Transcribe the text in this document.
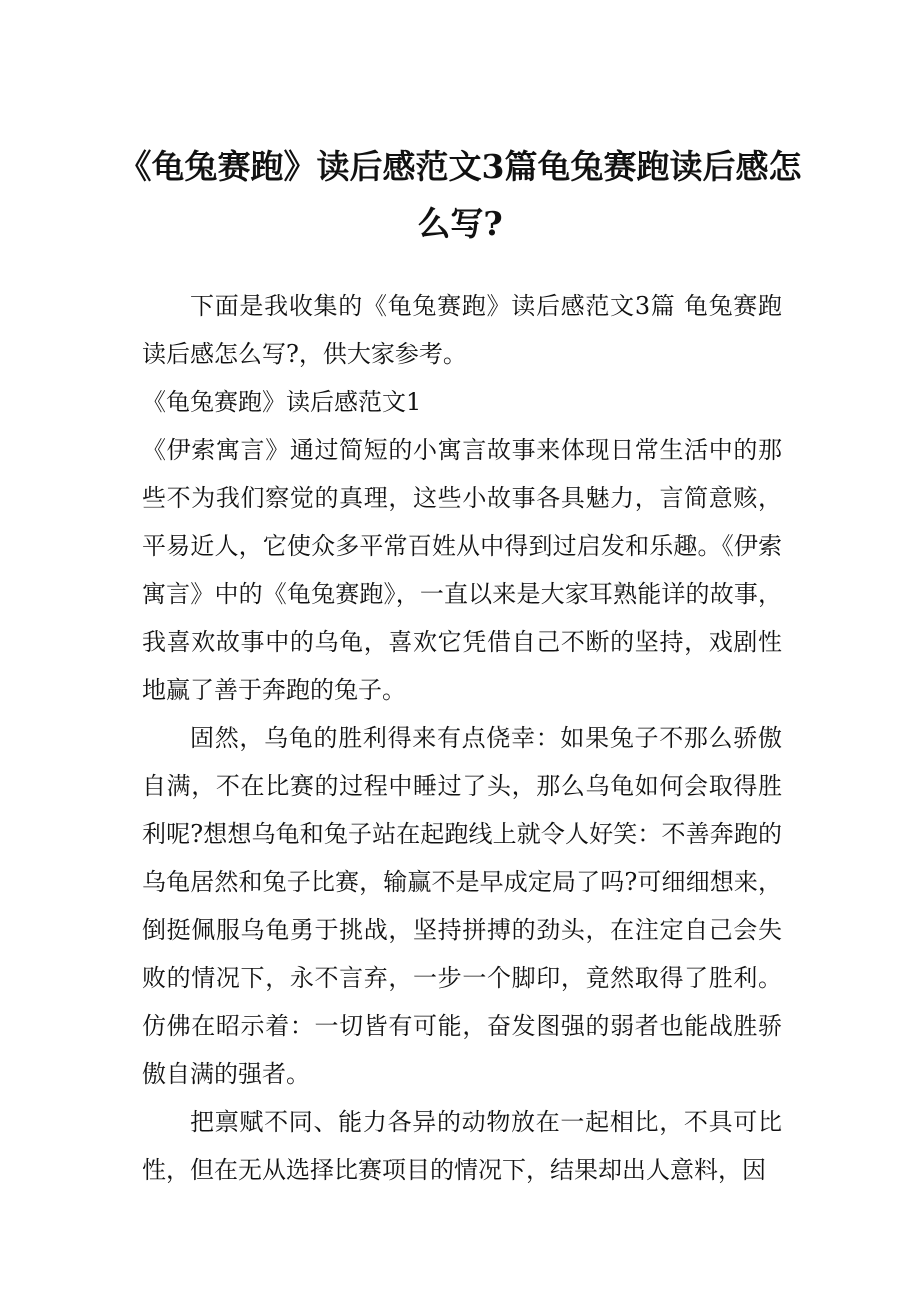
《龟兔赛跑》读后感范文3篇龟兔赛跑读后感怎么写?

下面是我收集的《龟兔赛跑》读后感范文3篇 龟兔赛跑读后感怎么写?，供大家参考。

《龟兔赛跑》读后感范文1

《伊索寓言》通过简短的小寓言故事来体现日常生活中的那些不为我们察觉的真理，这些小故事各具魅力，言简意赅，平易近人，它使众多平常百姓从中得到过启发和乐趣。《伊索寓言》中的《龟兔赛跑》，一直以来是大家耳熟能详的故事，我喜欢故事中的乌龟，喜欢它凭借自己不断的坚持，戏剧性地赢了善于奔跑的兔子。

固然，乌龟的胜利得来有点侥幸：如果兔子不那么骄傲自满，不在比赛的过程中睡过了头，那么乌龟如何会取得胜利呢?想想乌龟和兔子站在起跑线上就令人好笑：不善奔跑的乌龟居然和兔子比赛，输赢不是早成定局了吗?可细细想来，倒挺佩服乌龟勇于挑战，坚持拼搏的劲头，在注定自己会失败的情况下，永不言弃，一步一个脚印，竟然取得了胜利。仿佛在昭示着：一切皆有可能，奋发图强的弱者也能战胜骄傲自满的强者。

把禀赋不同、能力各异的动物放在一起相比，不具可比性，但在无从选择比赛项目的情况下，结果却出人意料，因
